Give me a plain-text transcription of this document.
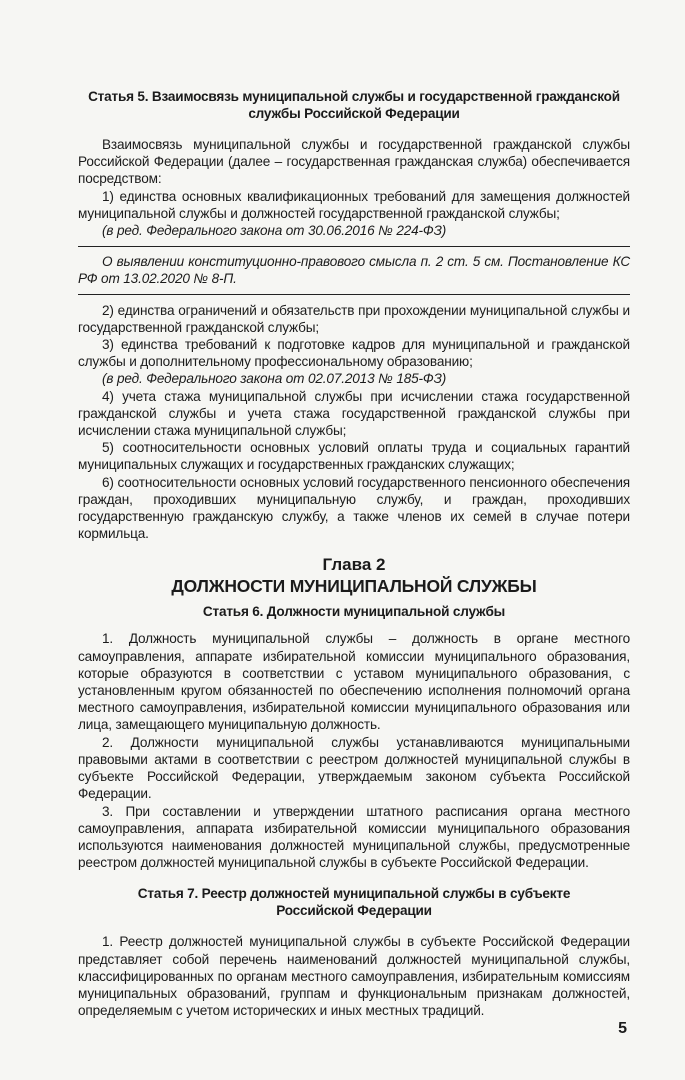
Статья 5. Взаимосвязь муниципальной службы и государственной гражданской
службы Российской Федерации

Взаимосвязь муниципальной службы и государственной гражданской службы Российской Федерации (далее – государственная гражданская служба) обеспечивается посредством:

1) единства основных квалификационных требований для замещения должностей муниципальной службы и должностей государственной гражданской службы;

(в ред. Федерального закона от 30.06.2016 № 224-ФЗ)

О выявлении конституционно-правового смысла п. 2 ст. 5 см. Постановление КС РФ от 13.02.2020 № 8-П.

2) единства ограничений и обязательств при прохождении муниципальной службы и государственной гражданской службы;

3) единства требований к подготовке кадров для муниципальной и гражданской службы и дополнительному профессиональному образованию;

(в ред. Федерального закона от 02.07.2013 № 185-ФЗ)

4) учета стажа муниципальной службы при исчислении стажа государственной гражданской службы и учета стажа государственной гражданской службы при исчислении стажа муниципальной службы;

5) соотносительности основных условий оплаты труда и социальных гарантий муниципальных служащих и государственных гражданских служащих;

6) соотносительности основных условий государственного пенсионного обеспечения граждан, проходивших муниципальную службу, и граждан, проходивших государственную гражданскую службу, а также членов их семей в случае потери кормильца.

Глава 2
ДОЛЖНОСТИ МУНИЦИПАЛЬНОЙ СЛУЖБЫ
Статья 6. Должности муниципальной службы

1. Должность муниципальной службы – должность в органе местного самоуправления, аппарате избирательной комиссии муниципального образования, которые образуются в соответствии с уставом муниципального образования, с установленным кругом обязанностей по обеспечению исполнения полномочий органа местного самоуправления, избирательной комиссии муниципального образования или лица, замещающего муниципальную должность.

2. Должности муниципальной службы устанавливаются муниципальными правовыми актами в соответствии с реестром должностей муниципальной службы в субъекте Российской Федерации, утверждаемым законом субъекта Российской Федерации.

3. При составлении и утверждении штатного расписания органа местного самоуправления, аппарата избирательной комиссии муниципального образования используются наименования должностей муниципальной службы, предусмотренные реестром должностей муниципальной службы в субъекте Российской Федерации.

Статья 7. Реестр должностей муниципальной службы в субъекте
Российской Федерации

1. Реестр должностей муниципальной службы в субъекте Российской Федерации представляет собой перечень наименований должностей муниципальной службы, классифицированных по органам местного самоуправления, избирательным комиссиям муниципальных образований, группам и функциональным признакам должностей, определяемым с учетом исторических и иных местных традиций.

5
